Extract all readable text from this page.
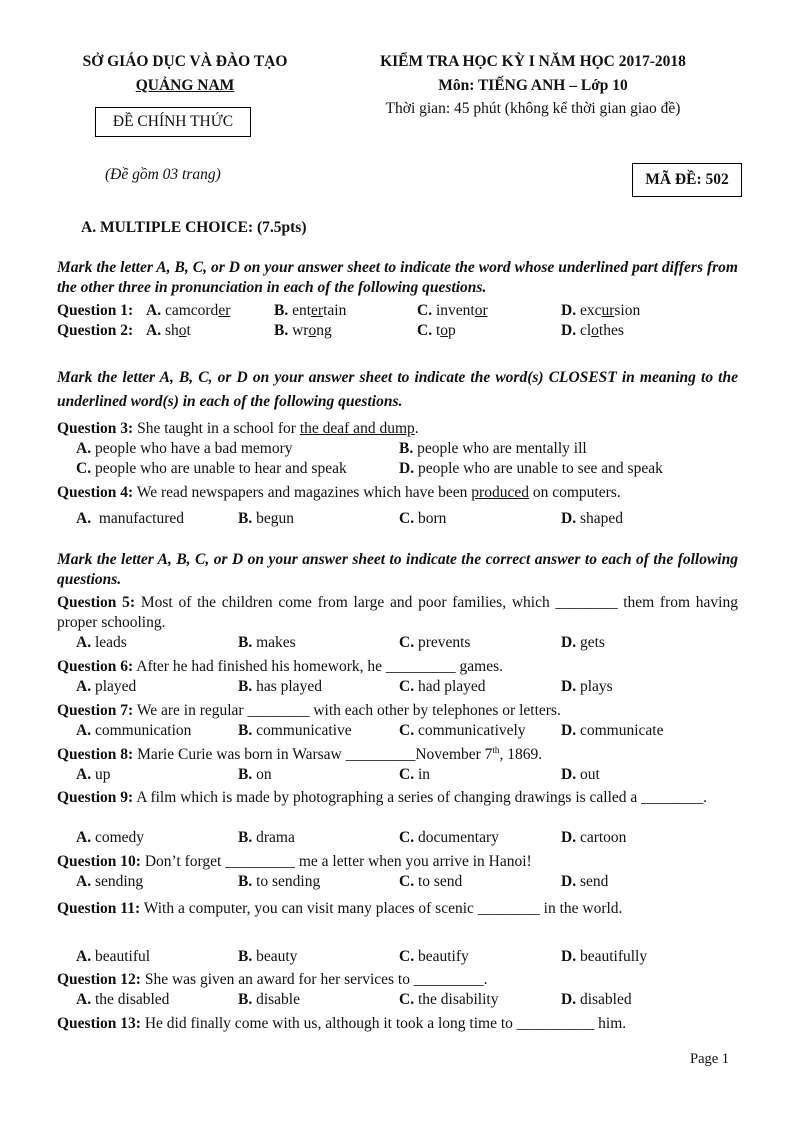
SỞ GIÁO DỤC VÀ ĐÀO TẠO
QUẢNG NAM
ĐỀ CHÍNH THỨC
(Đề gồm 03 trang)
KIỂM TRA HỌC KỲ I NĂM HỌC 2017-2018
Môn: TIẾNG ANH – Lớp 10
Thời gian: 45 phút (không kể thời gian giao đề)
MÃ ĐỀ: 502
A. MULTIPLE CHOICE: (7.5pts)
Mark the letter A, B, C, or D on your answer sheet to indicate the word whose underlined part differs from the other three in pronunciation in each of the following questions.
Question 1: A. camcorder	B. entertain	C. inventor	D. excursion
Question 2: A. shot	B. wrong	C. top	D. clothes
Mark the letter A, B, C, or D on your answer sheet to indicate the word(s) CLOSEST in meaning to the underlined word(s) in each of the following questions.
Question 3: She taught in a school for the deaf and dump.
A. people who have a bad memory	B. people who are mentally ill
C. people who are unable to hear and speak	D. people who are unable to see and speak
Question 4: We read newspapers and magazines which have been produced on computers.
A. manufactured	B. begun	C. born	D. shaped
Mark the letter A, B, C, or D on your answer sheet to indicate the correct answer to each of the following questions.
Question 5: Most of the children come from large and poor families, which ________ them from having proper schooling.
A. leads	B. makes	C. prevents	D. gets
Question 6: After he had finished his homework, he _________ games.
A. played	B. has played	C. had played	D. plays
Question 7: We are in regular ________ with each other by telephones or letters.
A. communication	B. communicative	C. communicatively D. communicate
Question 8: Marie Curie was born in Warsaw _________November 7th, 1869.
A. up	B. on	C. in	D. out
Question 9: A film which is made by photographing a series of changing drawings is called a ________.
A. comedy	B. drama	C. documentary	D. cartoon
Question 10: Don’t forget _________ me a letter when you arrive in Hanoi!
A. sending	B. to sending	C. to send	D. send
Question 11: With a computer, you can visit many places of scenic ________ in the world.
A. beautiful	B. beauty	C. beautify	D. beautifully
Question 12: She was given an award for her services to _________.
A. the disabled	B. disable	C. the disability	D. disabled
Question 13: He did finally come with us, although it took a long time to __________ him.
Page 1
